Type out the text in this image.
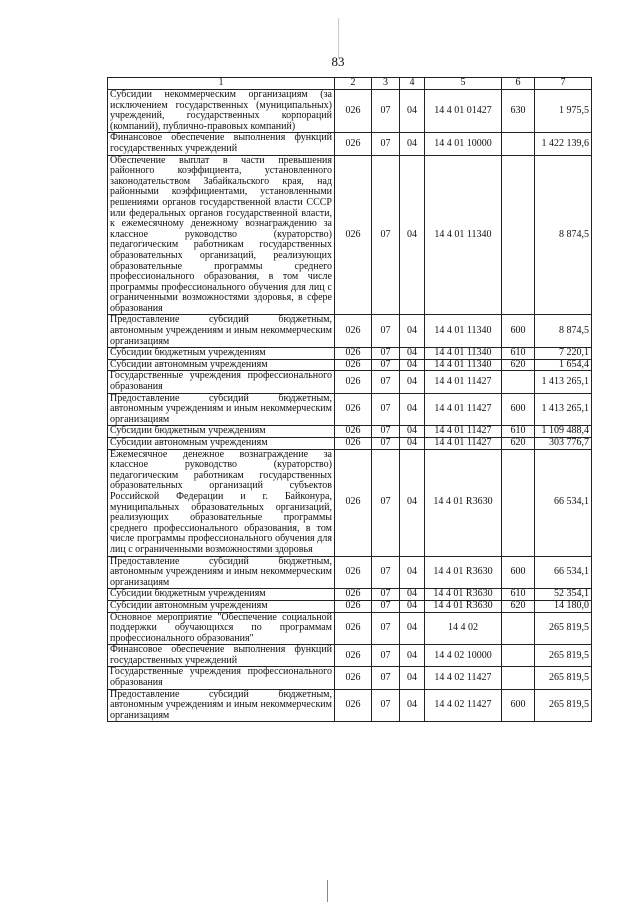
83
1	2	3	4	5	6	7
Субсидии некоммерческим организациям (за исключением государственных (муниципальных) учреждений, государственных корпораций (компаний), публично-правовых компаний)	026	07	04	14 4 01 01427	630	1 975,5
Финансовое обеспечение выполнения функций государственных учреждений	026	07	04	14 4 01 10000		1 422 139,6
Обеспечение выплат в части превышения районного коэффициента, установленного законодательством Забайкальского края, над районными коэффициентами, установленными решениями органов государственной власти СССР или федеральных органов государственной власти, к ежемесячному денежному вознаграждению за классное руководство (кураторство) педагогическим работникам государственных образовательных организаций, реализующих образовательные программы среднего профессионального образования, в том числе программы профессионального обучения для лиц с ограниченными возможностями здоровья, в сфере образования	026	07	04	14 4 01 11340		8 874,5
Предоставление субсидий бюджетным, автономным учреждениям и иным некоммерческим организациям	026	07	04	14 4 01 11340	600	8 874,5
Субсидии бюджетным учреждениям	026	07	04	14 4 01 11340	610	7 220,1
Субсидии автономным учреждениям	026	07	04	14 4 01 11340	620	1 654,4
Государственные учреждения профессионального образования	026	07	04	14 4 01 11427		1 413 265,1
Предоставление субсидий бюджетным, автономным учреждениям и иным некоммерческим организациям	026	07	04	14 4 01 11427	600	1 413 265,1
Субсидии бюджетным учреждениям	026	07	04	14 4 01 11427	610	1 109 488,4
Субсидии автономным учреждениям	026	07	04	14 4 01 11427	620	303 776,7
Ежемесячное денежное вознаграждение за классное руководство (кураторство) педагогическим работникам государственных образовательных организаций субъектов Российской Федерации и г. Байконура, муниципальных образовательных организаций, реализующих образовательные программы среднего профессионального образования, в том числе программы профессионального обучения для лиц с ограниченными возможностями здоровья	026	07	04	14 4 01 R3630		66 534,1
Предоставление субсидий бюджетным, автономным учреждениям и иным некоммерческим организациям	026	07	04	14 4 01 R3630	600	66 534,1
Субсидии бюджетным учреждениям	026	07	04	14 4 01 R3630	610	52 354,1
Субсидии автономным учреждениям	026	07	04	14 4 01 R3630	620	14 180,0
Основное мероприятие "Обеспечение социальной поддержки обучающихся по программам профессионального образования"	026	07	04	14 4 02		265 819,5
Финансовое обеспечение выполнения функций государственных учреждений	026	07	04	14 4 02 10000		265 819,5
Государственные учреждения профессионального образования	026	07	04	14 4 02 11427		265 819,5
Предоставление субсидий бюджетным, автономным учреждениям и иным некоммерческим организациям	026	07	04	14 4 02 11427	600	265 819,5
